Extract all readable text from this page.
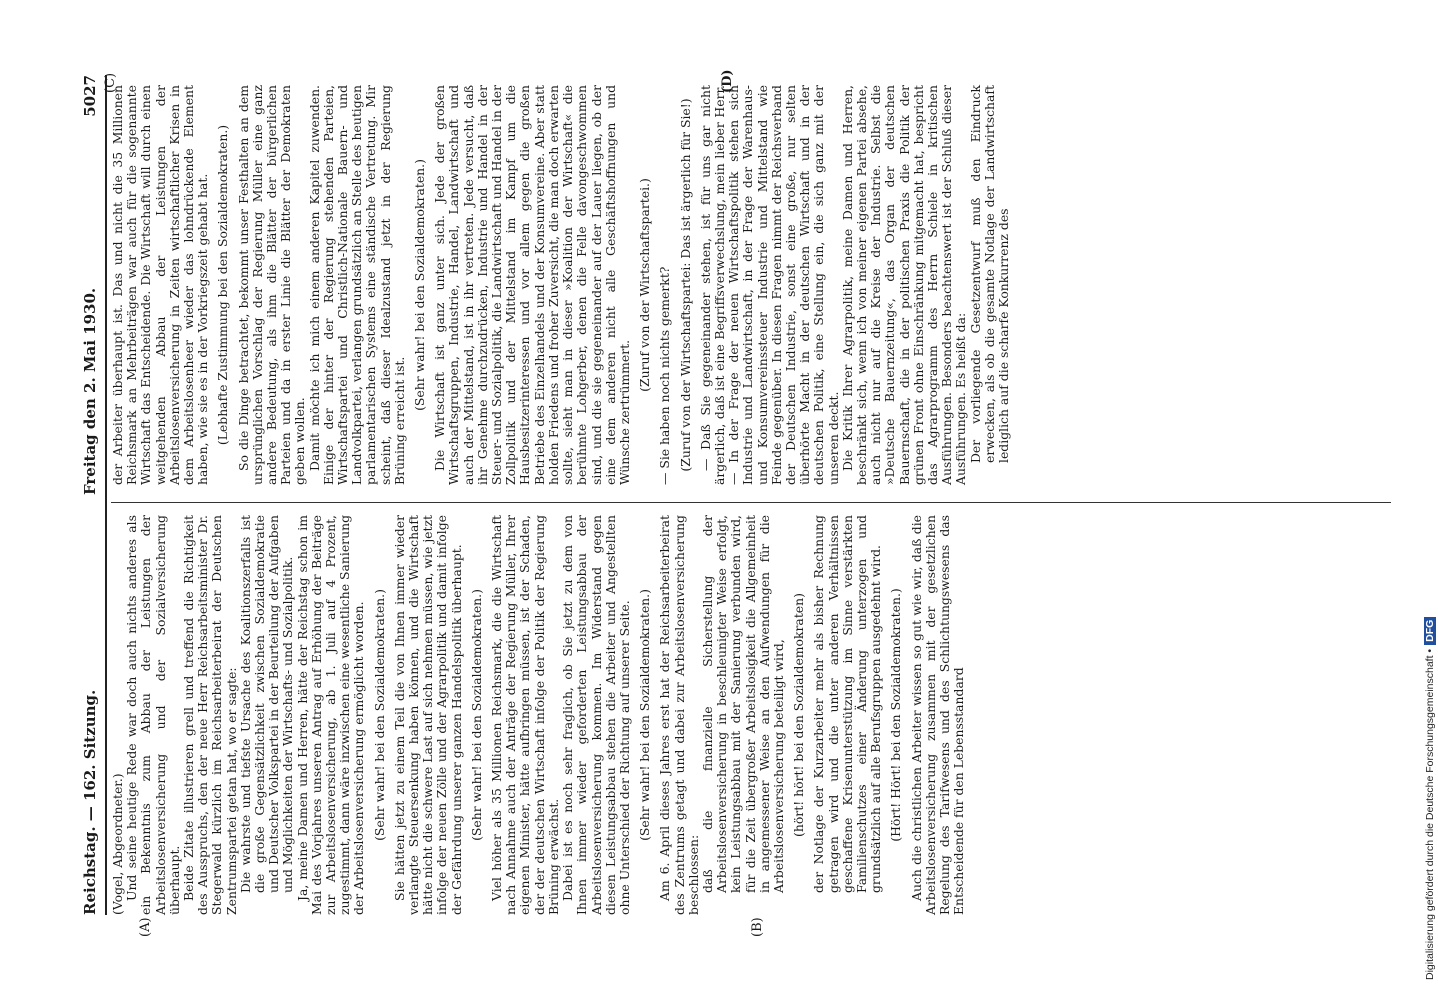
Reichstag. — 162. Sitzung.
Freitag den 2. Mai 1930.
5027
(A)	(B)

(Vogel, Abgeordneter.) Und seine heutige Rede war doch auch nichts anderes als ein Bekenntnis zum Abbau der Leistungen der Arbeitslosenversicherung und der Sozialversicherung überhaupt. Beide Zitate illustrieren grell und treffend die Richtigkeit des Ausspruchs, den der neue Herr Reichsarbeitsminister Dr. Stegerwald kürzlich im Reichsarbeiterbeirat der Deutschen Zentrumspartei getan hat, wo er sagte: Die wahrste und tiefste Ursache des Koalitionszerfalls ist die große Gegensätzlichkeit zwischen Sozialdemokratie und Deutscher Volkspartei in der Beurteilung der Aufgaben und Möglichkeiten der Wirtschafts- und Sozialpolitik. Ja, meine Damen und Herren, hätte der Reichstag schon im Mai des Vorjahres unseren Antrag auf Erhöhung der Beiträge zur Arbeitslosenversicherung, ab 1. Juli auf 4 Prozent, zugestimmt, dann wäre inzwischen eine wesentliche Sanierung der Arbeitslosenversicherung ermöglicht worden. (Sehr wahr! bei den Sozialdemokraten.) Sie hätten jetzt zu einem Teil die von Ihnen immer wieder verlangte Steuersenkung haben können, und die Wirtschaft hätte nicht die schwere Last auf sich nehmen müssen, wie jetzt infolge der neuen Zölle und der Agrarpolitik und damit infolge der Gefährdung unserer ganzen Handelspolitik überhaupt. (Sehr wahr! bei den Sozialdemokraten.) Viel höher als 35 Millionen Reichsmark, die die Wirtschaft nach Annahme auch der Anträge der Regierung Müller, Ihrer eigenen Minister, hätte aufbringen müssen, ist der Schaden, der der deutschen Wirtschaft infolge der Politik der Regierung Brüning erwächst. Dabei ist es noch sehr fraglich, ob Sie jetzt zu dem von Ihnen immer wieder geforderten Leistungsabbau der Arbeitslosenversicherung kommen. Im Widerstand gegen diesen Leistungsabbau stehen die Arbeiter und Angestellten ohne Unterschied der Richtung auf unserer Seite. (Sehr wahr! bei den Sozialdemokraten.) Am 6. April dieses Jahres erst hat der Reichsarbeiterbeirat des Zentrums getagt und dabei zur Arbeitslosenversicherung beschlossen: daß die finanzielle Sicherstellung der Arbeitslosenversicherung in beschleunigter Weise erfolgt, kein Leistungsabbau mit der Sanierung verbunden wird, für die Zeit übergroßer Arbeitslosigkeit die Allgemeinheit in angemessener Weise an den Aufwendungen für die Arbeitslosenversicherung beteiligt wird, (hört! hört! bei den Sozialdemokraten) der Notlage der Kurzarbeiter mehr als bisher Rechnung getragen wird und die unter anderen Verhältnissen geschaffene Krisenunterstützung im Sinne verstärkten Familienschutzes einer Änderung unterzogen und grundsätzlich auf alle Berufsgruppen ausgedehnt wird. (Hört! Hört! bei den Sozialdemokraten.) Auch die christlichen Arbeiter wissen so gut wie wir, daß die Arbeitslosenversicherung zusammen mit der gesetzlichen Regelung des Tarifwesens und des Schlichtungswesens das Entscheidende für den Lebensstandard

der Arbeiter überhaupt ist. Das und nicht die 35 Millionen Reichsmark an Mehrbeiträgen war auch für die sogenannte Wirtschaft das Entscheidende. Die Wirtschaft will durch einen weitgehenden Abbau der Leistungen der Arbeitslosenversicherung in Zeiten wirtschaftlicher Krisen in dem Arbeitslosenheer wieder das lohndrückende Element haben, wie sie es in der Vorkriegszeit gehabt hat. (Lebhafte Zustimmung bei den Sozialdemokraten.) So die Dinge betrachtet, bekommt unser Festhalten an dem ursprünglichen Vorschlag der Regierung Müller eine ganz andere Bedeutung, als ihm die Blätter der bürgerlichen Parteien und da in erster Linie die Blätter der Demokraten geben wollen. Damit möchte ich mich einem anderen Kapitel zuwenden. Einige der hinter der Regierung stehenden Parteien, Wirtschaftspartei und Christlich-Nationale Bauern- und Landvolkpartei, verlangen grundsätzlich an Stelle des heutigen parlamentarischen Systems eine ständische Vertretung. Mir scheint, daß dieser Idealzustand jetzt in der Regierung Brüning erreicht ist.

(Sehr wahr! bei den Sozialdemokraten.) Die Wirtschaft ist ganz unter sich. Jede der großen Wirtschaftsgruppen, Industrie, Handel, Landwirtschaft und auch der Mittelstand, ist in ihr vertreten. Jede versucht, daß ihr Genehme durchzudrücken, Industrie und Handel in der Steuer- und Sozialpolitik, die Landwirtschaft und Handel in der Zollpolitik und der Mittelstand im Kampf um die Hausbesitzerinteressen und vor allem gegen die großen Betriebe des Einzelhandels und der Konsumvereine. Aber statt holden Friedens und froher Zuversicht, die man doch erwarten sollte, sieht man in dieser »Koalition der Wirtschaft« die berühmte Lohgerber, denen die Felle davongeschwommen sind, und die sie gegeneinander auf der Lauer liegen, ob der eine dem anderen nicht alle Geschäftshoffnungen und Wünsche zertrümmert.

(Zuruf von der Wirtschaftspartei.) — Sie haben noch nichts gemerkt? (Zuruf von der Wirtschaftspartei: Das ist ärgerlich für Sie!) — Daß Sie gegeneinander stehen, ist für uns gar nicht ärgerlich, daß ist eine Begriffsverwechslung, mein lieber Herr. — In der Frage der neuen Wirtschaftspolitik stehen sich Industrie und Landwirtschaft, in der Frage der Warenhaus- und Konsumvereinssteuer Industrie und Mittelstand wie Feinde gegenüber. In diesen Fragen nimmt der Reichsverband der Deutschen Industrie, sonst eine große, nur selten überhörte Macht in der deutschen Wirtschaft und in der deutschen Politik, eine Stellung ein, die sich ganz mit der unseren deckt. Die Kritik Ihrer Agrarpolitik, meine Damen und Herren, beschränkt sich, wenn ich von meiner eigenen Partei absehe, auch nicht nur auf die Kreise der Industrie. Selbst die »Deutsche Bauernzeitung«, das Organ der deutschen Bauernschaft, die in der politischen Praxis die Politik der grünen Front ohne Einschränkung mitgemacht hat, bespricht das Agrarprogramm des Herrn Schiele in kritischen Ausführungen. Besonders beachtenswert ist der Schluß dieser Ausführungen. Es heißt da: Der vorliegende Gesetzentwurf muß den Eindruck erwecken, als ob die gesamte Notlage der Landwirtschaft lediglich auf die scharfe Konkurrenz des

(C)	(D)
Digitalisierung gefördert durch die Deutsche Forschungsgemeinschaft •DFG
